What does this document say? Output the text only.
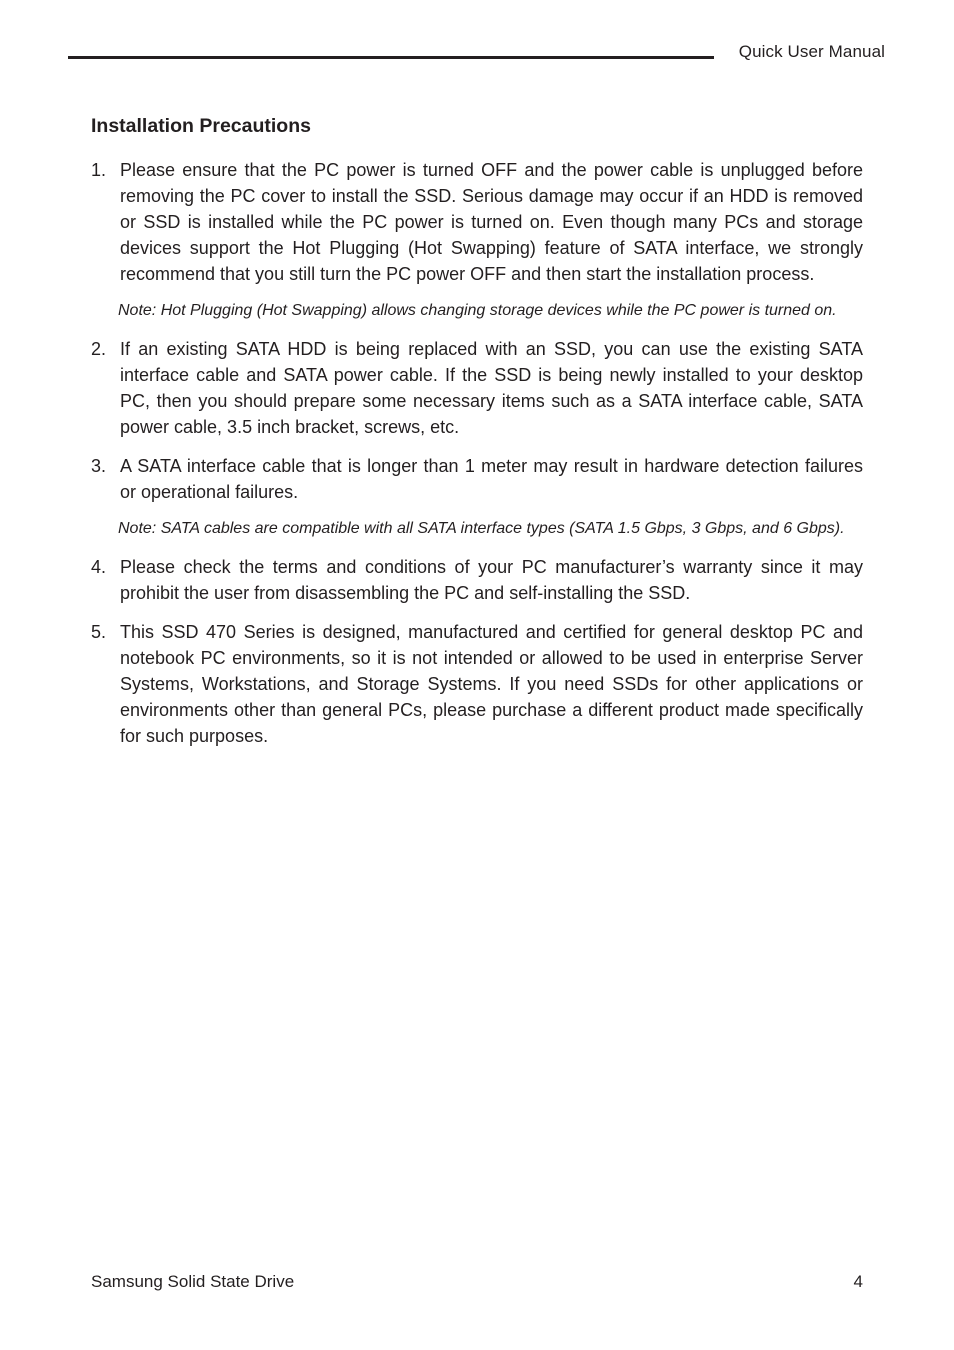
Quick User Manual
Installation Precautions
1. Please ensure that the PC power is turned OFF and the power cable is unplugged before removing the PC cover to install the SSD. Serious damage may occur if an HDD is removed or SSD is installed while the PC power is turned on. Even though many PCs and storage devices support the Hot Plugging (Hot Swapping) feature of SATA interface, we strongly recommend that you still turn the PC power OFF and then start the installation process.
Note: Hot Plugging (Hot Swapping) allows changing storage devices while the PC power is turned on.
2. If an existing SATA HDD is being replaced with an SSD, you can use the existing SATA interface cable and SATA power cable. If the SSD is being newly installed to your desktop PC, then you should prepare some necessary items such as a SATA interface cable, SATA power cable, 3.5 inch bracket, screws, etc.
3. A SATA interface cable that is longer than 1 meter may result in hardware detection failures or operational failures.
Note: SATA cables are compatible with all SATA interface types (SATA 1.5 Gbps, 3 Gbps, and 6 Gbps).
4. Please check the terms and conditions of your PC manufacturer’s warranty since it may prohibit the user from disassembling the PC and self-installing the SSD.
5. This SSD 470 Series is designed, manufactured and certified for general desktop PC and notebook PC environments, so it is not intended or allowed to be used in enterprise Server Systems, Workstations, and Storage Systems. If you need SSDs for other applications or environments other than general PCs, please purchase a different product made specifically for such purposes.
Samsung Solid State Drive	4
